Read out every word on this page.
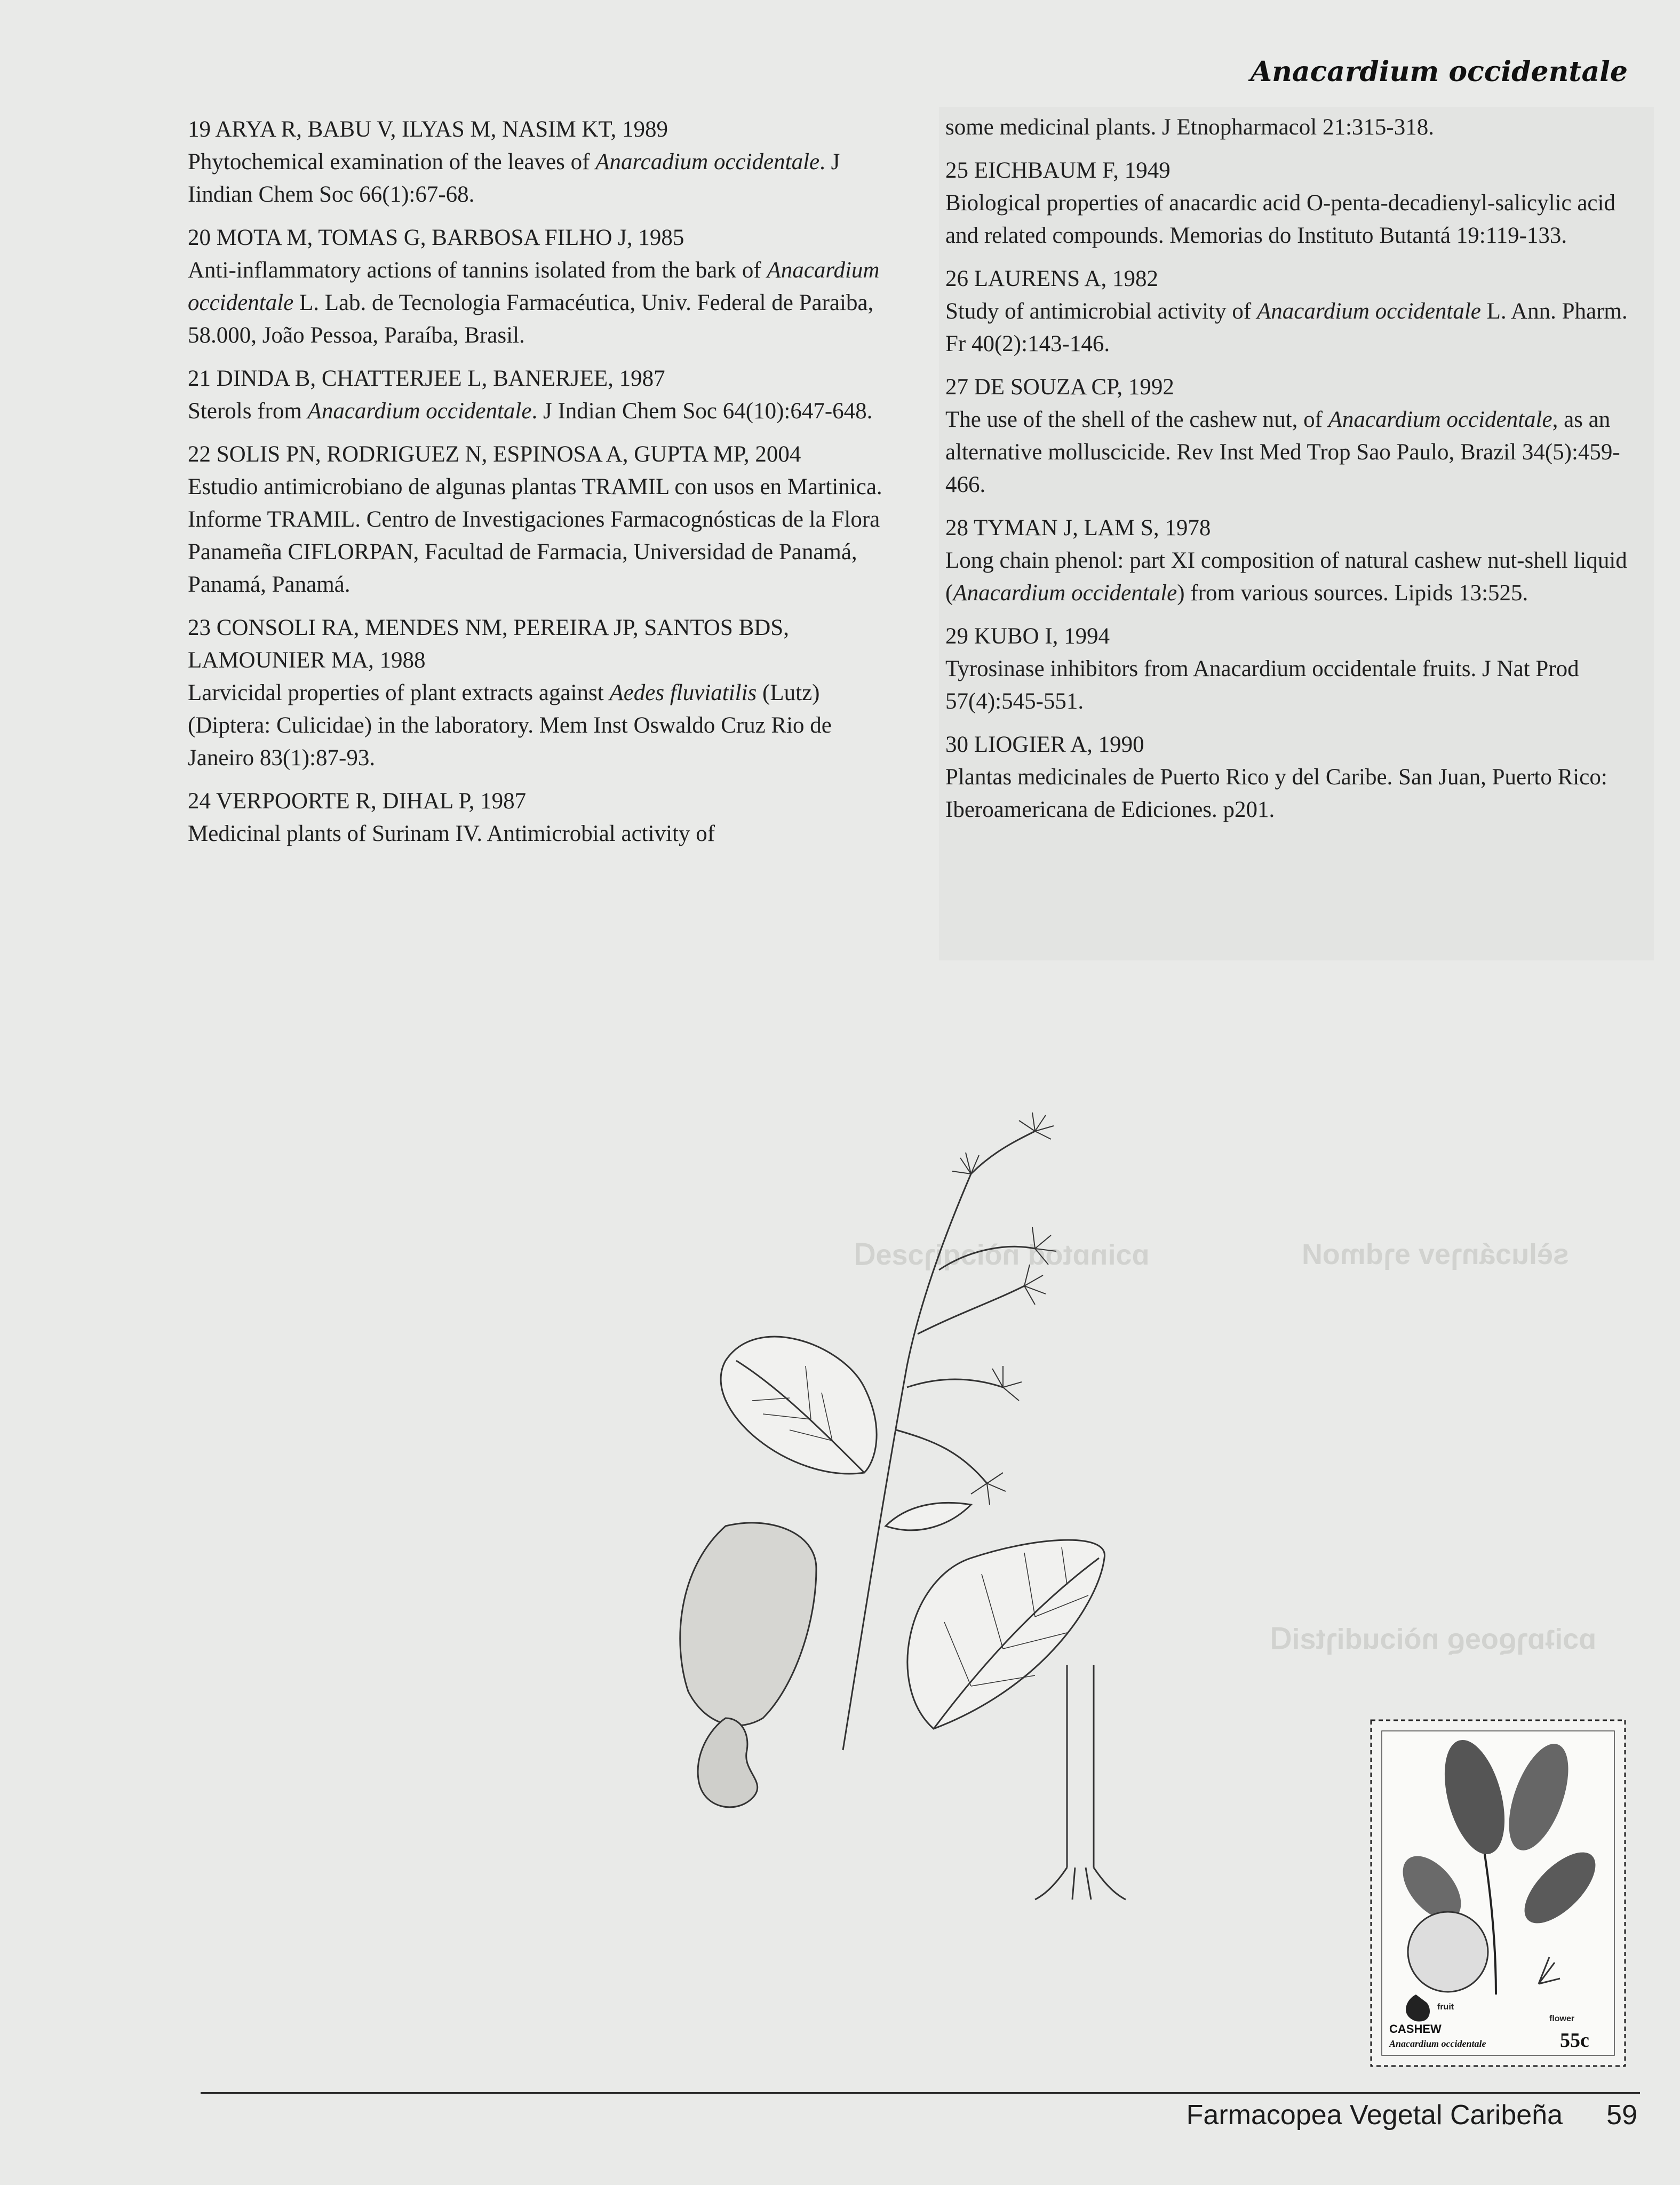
sèluɔánɿɘv ɘɿdmoИ
ɒɔinɒtod nòiɔqiɿɔƨɘᗡ
ɒɔiʇɒɿϱoɘϱ nòiɔudiɿtƨiᗡ
Anacardium occidentale
19 ARYA R, BABU V, ILYAS M, NASIM KT, 1989
Phytochemical examination of the leaves of Anarcadium occidentale. J Iindian Chem Soc 66(1):67-68.
20 MOTA M, TOMAS G, BARBOSA FILHO J, 1985
Anti-inflammatory actions of tannins isolated from the bark of Anacardium occidentale L. Lab. de Tecnologia Farmacéutica, Univ. Federal de Paraiba, 58.000, João Pessoa, Paraíba, Brasil.
21 DINDA B, CHATTERJEE L, BANERJEE, 1987
Sterols from Anacardium occidentale. J Indian Chem Soc 64(10):647-648.
22 SOLIS PN, RODRIGUEZ N, ESPINOSA A, GUPTA MP, 2004
Estudio antimicrobiano de algunas plantas TRAMIL con usos en Martinica. Informe TRAMIL. Centro de Investigaciones Farmacognósticas de la Flora Panameña CIFLORPAN, Facultad de Farmacia, Universidad de Panamá, Panamá, Panamá.
23 CONSOLI RA, MENDES NM, PEREIRA JP, SANTOS BDS, LAMOUNIER MA, 1988
Larvicidal properties of plant extracts against Aedes fluviatilis (Lutz) (Diptera: Culicidae) in the laboratory. Mem Inst Oswaldo Cruz Rio de Janeiro 83(1):87-93.
24 VERPOORTE R, DIHAL P, 1987
Medicinal plants of Surinam IV. Antimicrobial activity of
some medicinal plants. J Etnopharmacol 21:315-318.
25 EICHBAUM F, 1949
Biological properties of anacardic acid O-penta-decadienyl-salicylic acid and related compounds. Memorias do Instituto Butantá 19:119-133.
26 LAURENS A, 1982
Study of antimicrobial activity of Anacardium occidentale L. Ann. Pharm. Fr 40(2):143-146.
27 DE SOUZA CP, 1992
The use of the shell of the cashew nut, of Anacardium occidentale, as an alternative molluscicide. Rev Inst Med Trop Sao Paulo, Brazil 34(5):459-466.
28 TYMAN J, LAM S, 1978
Long chain phenol: part XI composition of natural cashew nut-shell liquid (Anacardium occidentale) from various sources. Lipids 13:525.
29 KUBO I, 1994
Tyrosinase inhibitors from Anacardium occidentale fruits. J Nat Prod 57(4):545-551.
30 LIOGIER A, 1990
Plantas medicinales de Puerto Rico y del Caribe. San Juan, Puerto Rico: Iberoamericana de Ediciones. p201.
fruit
flower
CASHEW
Anacardium occidentale	55c
Farmacopea Vegetal Caribeña 59
